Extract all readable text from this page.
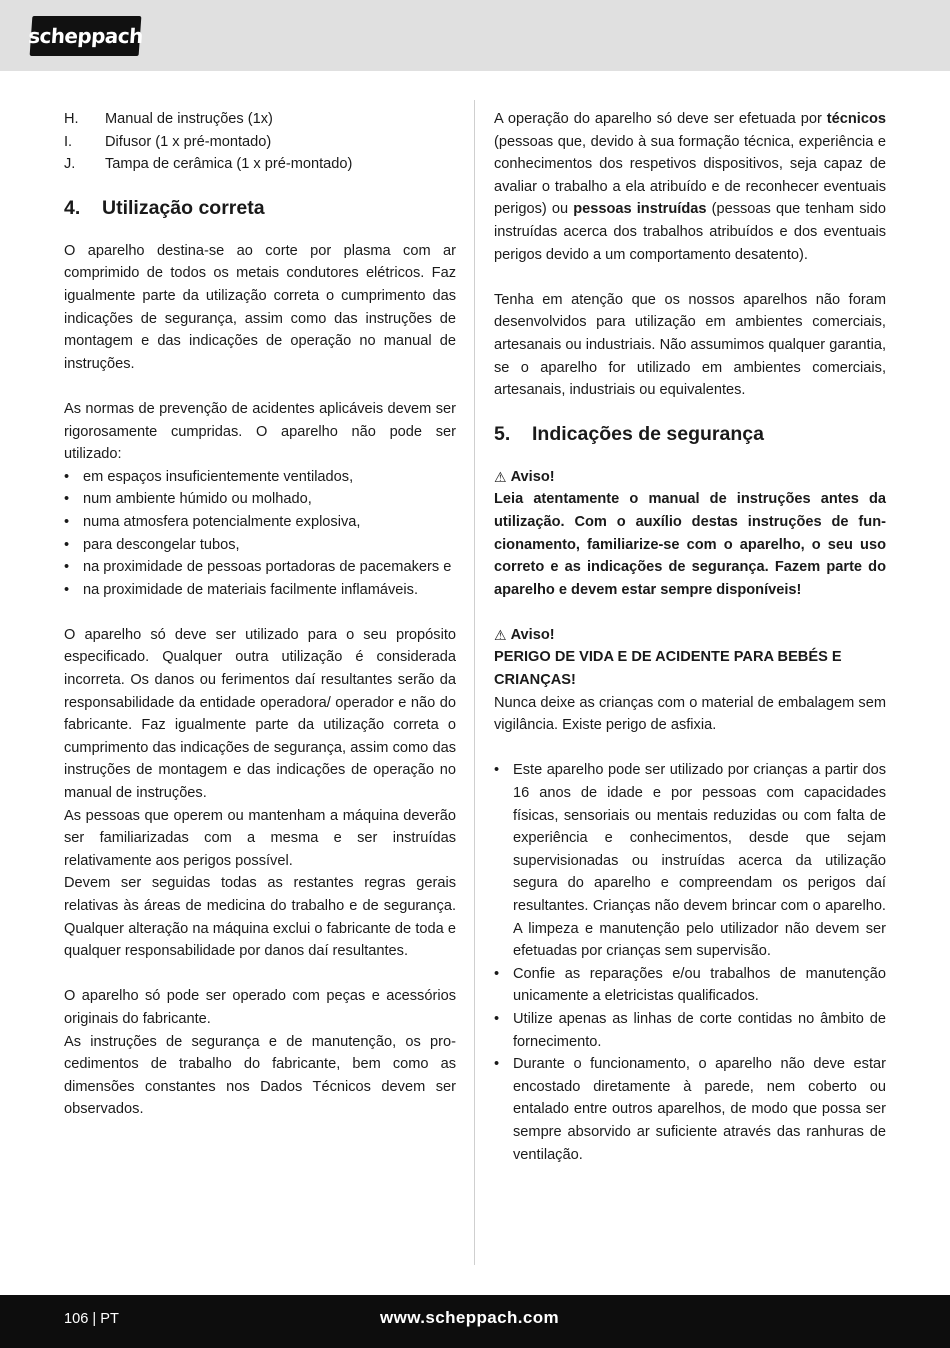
scheppach
H.	Manual de instruções (1x)
I.	Difusor (1 x pré-montado)
J.	Tampa de cerâmica (1 x pré-montado)
4.	Utilização correta

O aparelho destina-se ao corte por plasma com ar comprimido de todos os metais condutores elétricos. Faz igualmente parte da utilização correta o cumprimento das indicações de segurança, assim como das instruções de montagem e das indicações de operação no manual de instruções.

As normas de prevenção de acidentes aplicáveis devem ser rigorosamente cumpridas. O aparelho não pode ser utilizado:

• em espaços insuficientemente ventilados,
• num ambiente húmido ou molhado,
• numa atmosfera potencialmente explosiva,
• para descongelar tubos,
• na proximidade de pessoas portadoras de pacemakers e
• na proximidade de materiais facilmente inflamáveis.

O aparelho só deve ser utilizado para o seu propósito especificado. Qualquer outra utilização é considerada incorreta. Os danos ou ferimentos daí resultantes serão da responsabilidade da entidade operadora/ operador e não do fabricante. Faz igualmente parte da utilização correta o cumprimento das indicações de segurança, assim como das instruções de montagem e das indicações de operação no manual de instruções.

As pessoas que operem ou mantenham a máquina deverão ser familiarizadas com a mesma e ser instruídas relativamente aos perigos possível.

Devem ser seguidas todas as restantes regras gerais relativas às áreas de medicina do trabalho e de segurança. Qualquer alteração na máquina exclui o fabricante de toda e qualquer responsabilidade por danos daí resultantes.

O aparelho só pode ser operado com peças e acessórios originais do fabricante.

As instruções de segurança e de manutenção, os procedimentos de trabalho do fabricante, bem como as dimensões constantes nos Dados Técnicos devem ser observados.

A operação do aparelho só deve ser efetuada por técnicos (pessoas que, devido à sua formação técnica, experiência e conhecimentos dos respetivos dispositivos, seja capaz de avaliar o trabalho a ela atribuído e de reconhecer eventuais perigos) ou pessoas instruídas (pessoas que tenham sido instruídas acerca dos trabalhos atribuídos e dos eventuais perigos devido a um comportamento desatento).

Tenha em atenção que os nossos aparelhos não foram desenvolvidos para utilização em ambientes comerciais, artesanais ou industriais. Não assumimos qualquer garantia, se o aparelho for utilizado em ambientes comerciais, artesanais, industriais ou equivalentes.

5.	Indicações de segurança
⚠ Aviso!

Leia atentamente o manual de instruções antes da utilização. Com o auxílio destas instruções de funcionamento, familiarize-se com o aparelho, o seu uso correto e as indicações de segurança. Fazem parte do aparelho e devem estar sempre disponíveis!

⚠ Aviso!

PERIGO DE VIDA E DE ACIDENTE PARA BEBÉS E CRIANÇAS!

Nunca deixe as crianças com o material de embalagem sem vigilância. Existe perigo de asfixia.

• Este aparelho pode ser utilizado por crianças a partir dos 16 anos de idade e por pessoas com capacidades físicas, sensoriais ou mentais reduzidas ou com falta de experiência e conhecimentos, desde que sejam supervisionadas ou instruídas acerca da utilização segura do aparelho e compreendam os perigos daí resultantes. Crianças não devem brincar com o aparelho. A limpeza e manutenção pelo utilizador não devem ser efetuadas por crianças sem supervisão.
• Confie as reparações e/ou trabalhos de manutenção unicamente a eletricistas qualificados.
• Utilize apenas as linhas de corte contidas no âmbito de fornecimento.
• Durante o funcionamento, o aparelho não deve estar encostado diretamente à parede, nem coberto ou entalado entre outros aparelhos, de modo que possa ser sempre absorvido ar suficiente através das ranhuras de ventilação.
106 | PT	www.scheppach.com
